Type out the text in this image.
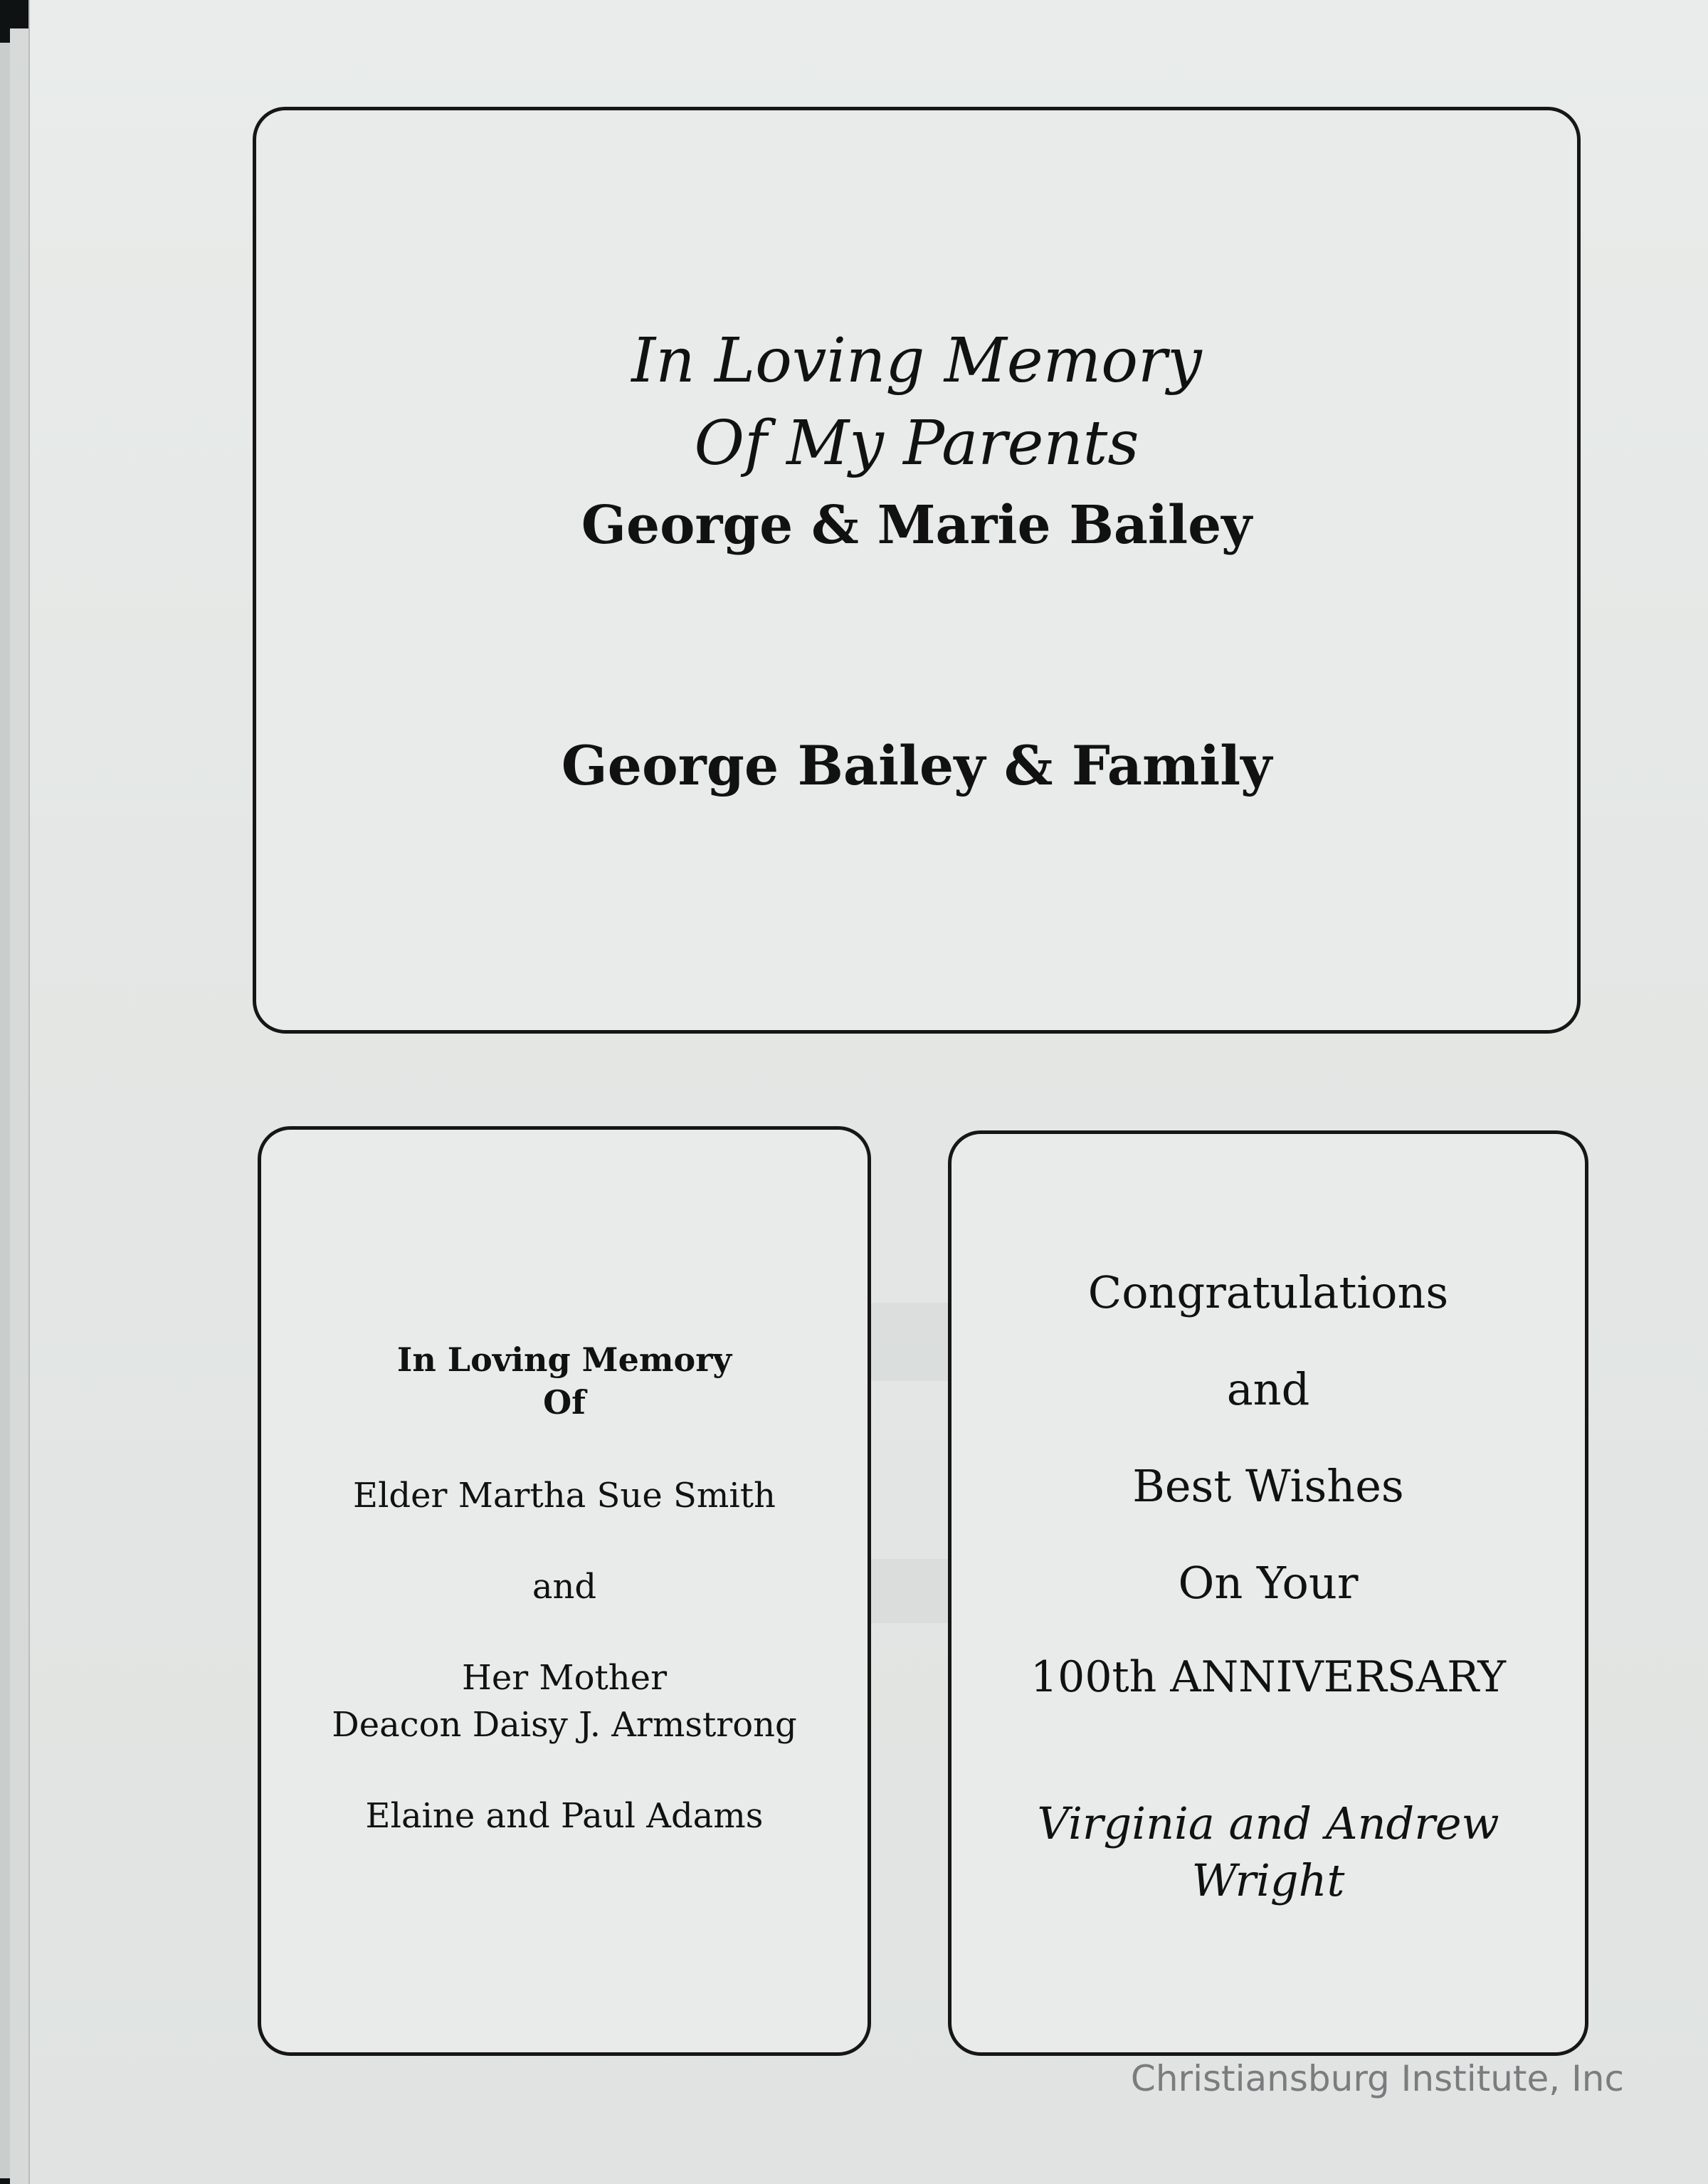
In Loving Memory
Of My Parents
George & Marie Bailey
George Bailey & Family
In Loving Memory
Of
Elder Martha Sue Smith
and
Her Mother
Deacon Daisy J. Armstrong
Elaine and Paul Adams
Congratulations
and
Best Wishes
On Your
100th ANNIVERSARY
Virginia and Andrew
Wright
Christiansburg Institute, Inc
